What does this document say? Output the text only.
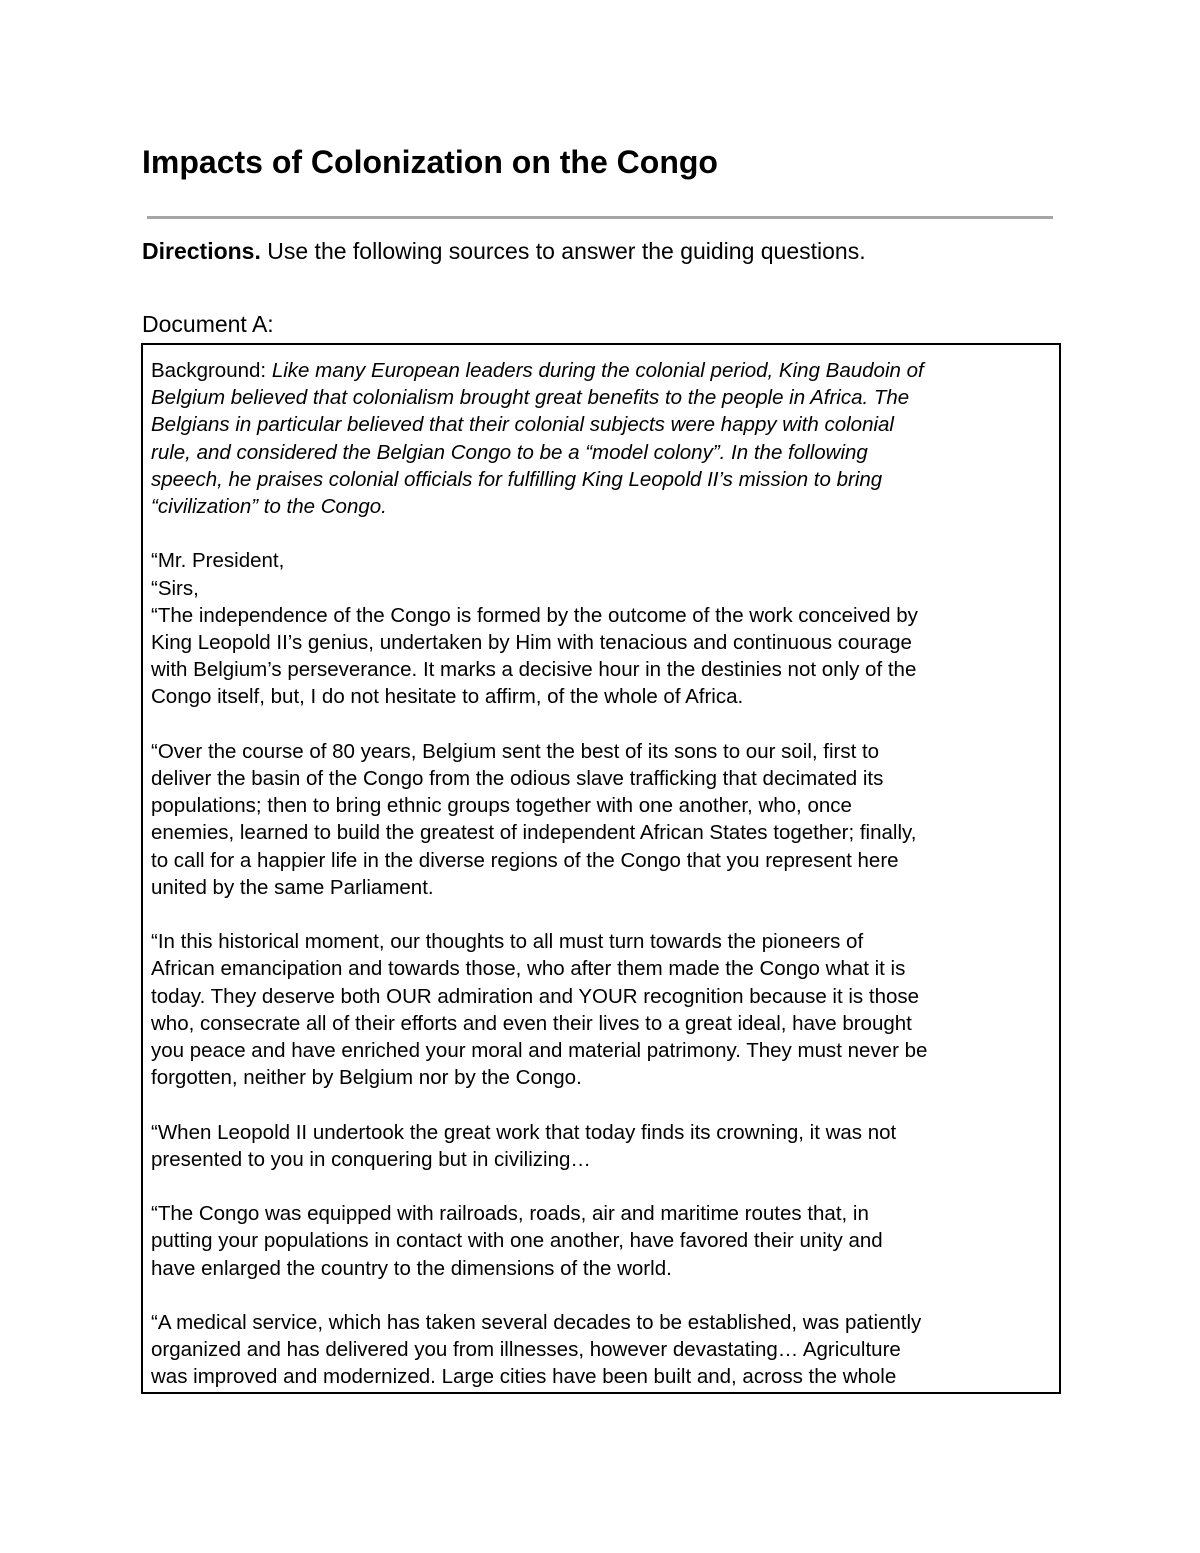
Impacts of Colonization on the Congo

Directions. Use the following sources to answer the guiding questions.

Document A:

Background: Like many European leaders during the colonial period, King Baudoin of

Belgium believed that colonialism brought great benefits to the people in Africa. The

Belgians in particular believed that their colonial subjects were happy with colonial

rule, and considered the Belgian Congo to be a “model colony”. In the following

speech, he praises colonial officials for fulfilling King Leopold II’s mission to bring

“civilization” to the Congo.

“Mr. President,

“Sirs,

“The independence of the Congo is formed by the outcome of the work conceived by

King Leopold II’s genius, undertaken by Him with tenacious and continuous courage

with Belgium’s perseverance. It marks a decisive hour in the destinies not only of the

Congo itself, but, I do not hesitate to affirm, of the whole of Africa.

“Over the course of 80 years, Belgium sent the best of its sons to our soil, first to

deliver the basin of the Congo from the odious slave trafficking that decimated its

populations; then to bring ethnic groups together with one another, who, once

enemies, learned to build the greatest of independent African States together; finally,

to call for a happier life in the diverse regions of the Congo that you represent here

united by the same Parliament.

“In this historical moment, our thoughts to all must turn towards the pioneers of

African emancipation and towards those, who after them made the Congo what it is

today. They deserve both OUR admiration and YOUR recognition because it is those

who, consecrate all of their efforts and even their lives to a great ideal, have brought

you peace and have enriched your moral and material patrimony. They must never be

forgotten, neither by Belgium nor by the Congo.

“When Leopold II undertook the great work that today finds its crowning, it was not

presented to you in conquering but in civilizing…

“The Congo was equipped with railroads, roads, air and maritime routes that, in

putting your populations in contact with one another, have favored their unity and

have enlarged the country to the dimensions of the world.

“A medical service, which has taken several decades to be established, was patiently

organized and has delivered you from illnesses, however devastating… Agriculture

was improved and modernized. Large cities have been built and, across the whole
